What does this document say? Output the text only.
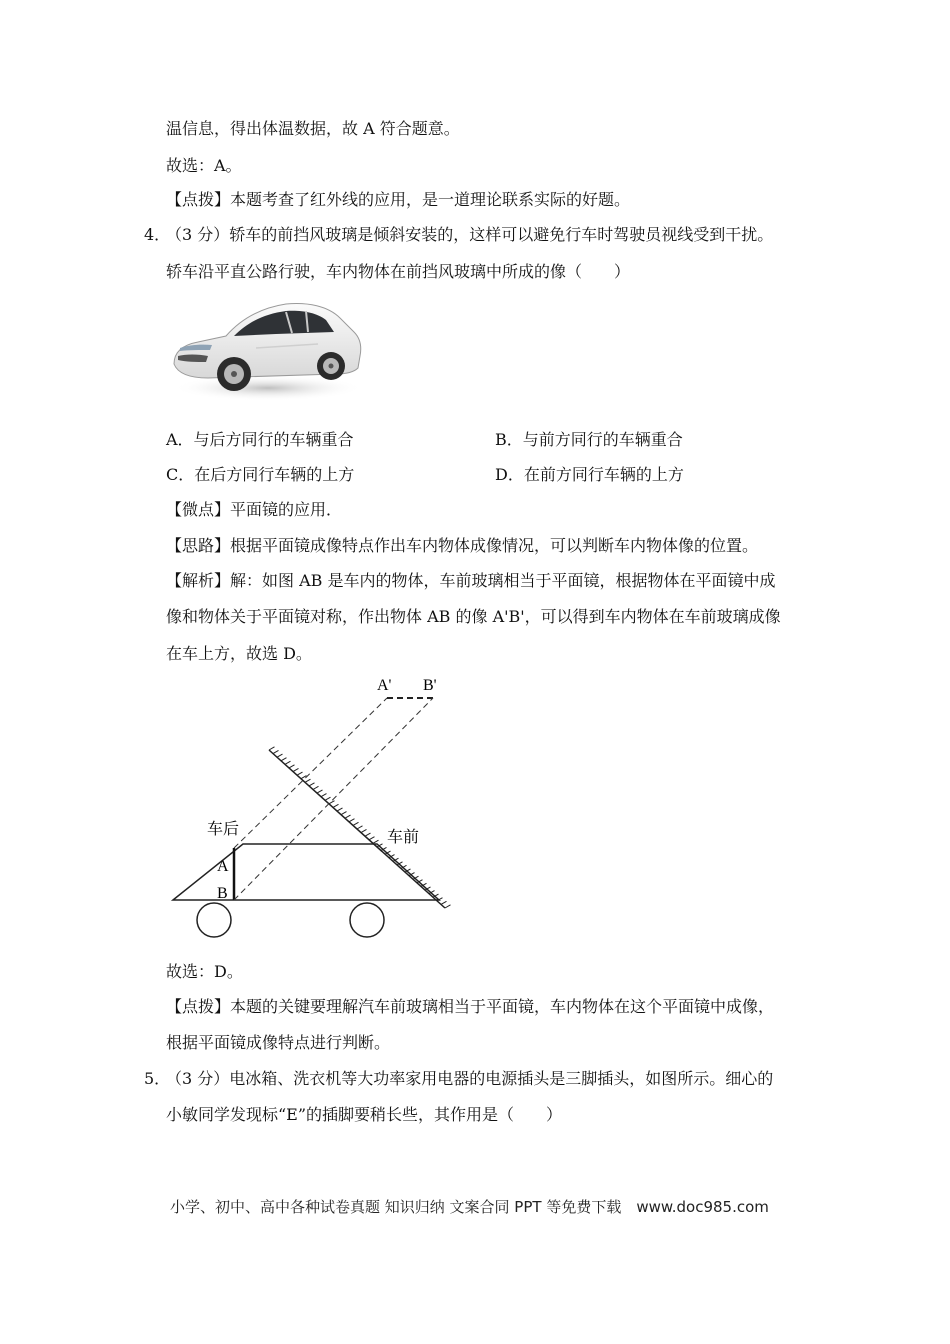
温信息，得出体温数据，故 A 符合题意。
故选：A。
【点拨】本题考查了红外线的应用，是一道理论联系实际的好题。
4．
（3 分）轿车的前挡风玻璃是倾斜安装的，这样可以避免行车时驾驶员视线受到干扰。
轿车沿平直公路行驶，车内物体在前挡风玻璃中所成的像（　　）
A．与后方同行的车辆重合	B．与前方同行的车辆重合
C．在后方同行车辆的上方	D．在前方同行车辆的上方
【微点】平面镜的应用．
【思路】根据平面镜成像特点作出车内物体成像情况，可以判断车内物体像的位置。
【解析】解：如图 AB 是车内的物体，车前玻璃相当于平面镜，根据物体在平面镜中成
像和物体关于平面镜对称，作出物体 AB 的像 A'B'，可以得到车内物体在车前玻璃成像
在车上方，故选 D。
A' B'
车后	车前
A
B
故选：D。
【点拨】本题的关键要理解汽车前玻璃相当于平面镜，车内物体在这个平面镜中成像，
根据平面镜成像特点进行判断。
5．
（3 分）电冰箱、洗衣机等大功率家用电器的电源插头是三脚插头，如图所示。细心的
小敏同学发现标“E”的插脚要稍长些，其作用是（　　）
小学、初中、高中各种试卷真题 知识归纳 文案合同 PPT 等免费下载　www.doc985.com
